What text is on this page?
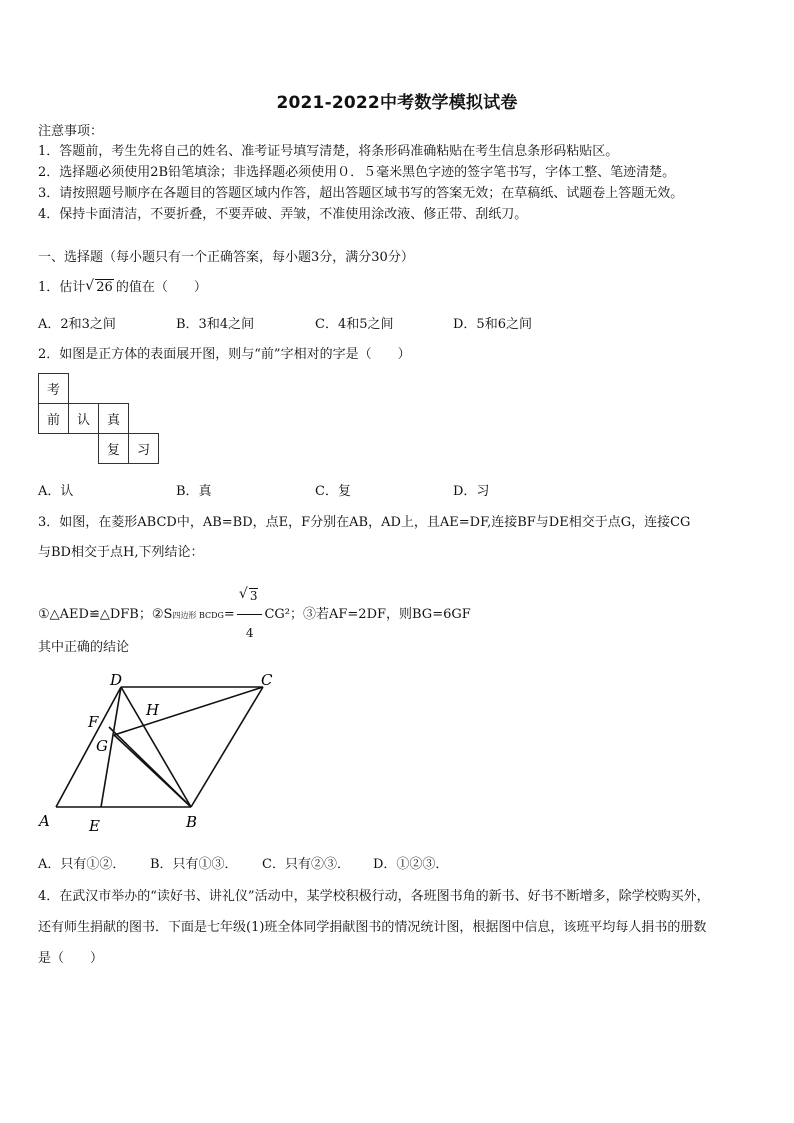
2021-2022中考数学模拟试卷
注意事项：
1．答题前，考生先将自己的姓名、准考证号填写清楚，将条形码准确粘贴在考生信息条形码粘贴区。
2．选择题必须使用2B铅笔填涂；非选择题必须使用０．５毫米黑色字迹的签字笔书写，字体工整、笔迹清楚。
3．请按照题号顺序在各题目的答题区域内作答，超出答题区域书写的答案无效；在草稿纸、试题卷上答题无效。
4．保持卡面清洁，不要折叠，不要弄破、弄皱，不准使用涂改液、修正带、刮纸刀。
一、选择题（每小题只有一个正确答案，每小题3分，满分30分）
1．估计 √ 26 的值在（　　）
A．2和3之间	B．3和4之间	C．4和5之间	D．5和6之间
2．如图是正方体的表面展开图，则与“前”字相对的字是（　　）
考			
前	认	真	
		复	习
A．认	B．真	C．复	D．习
3．如图，在菱形ABCD中，AB=BD，点E，F分别在AB，AD上，且AE=DF,连接BF与DE相交于点G，连接CG
与BD相交于点H,下列结论：
①△AED≌△DFB；②S四边形 BCDG= √ $\frac{3}{4} CG^2$；③若AF=2DF，则BG=6GF
其中正确的结论
D	C
F
H
G
A	E	B
A．只有①②． B．只有①③． C．只有②③． D．①②③．
4．在武汉市举办的“读好书、讲礼仪”活动中，某学校积极行动，各班图书角的新书、好书不断增多，除学校购买外，
还有师生捐献的图书．下面是七年级(1)班全体同学捐献图书的情况统计图，根据图中信息，该班平均每人捐书的册数
是（　　）
